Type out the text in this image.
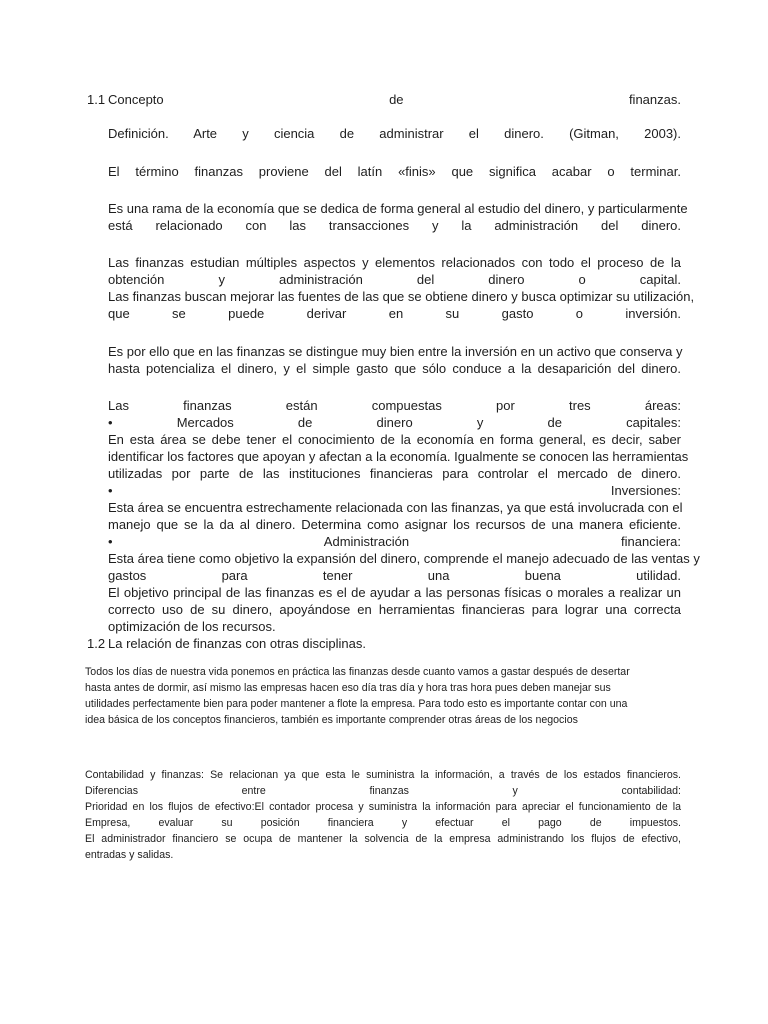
1.1 Concepto	de	finanzas.
Definición. Arte y ciencia de administrar el dinero. (Gitman, 2003).
El término finanzas proviene del latín «finis» que significa acabar o terminar.
Es una rama de la economía que se dedica de forma general al estudio del dinero, y particularmente
está relacionado con las transacciones y la administración del dinero.
Las finanzas estudian múltiples aspectos y elementos relacionados con todo el proceso de la
obtención y administración del dinero o capital.
Las finanzas buscan mejorar las fuentes de las que se obtiene dinero y busca optimizar su utilización,
que se puede derivar en su gasto o inversión.
Es por ello que en las finanzas se distingue muy bien entre la inversión en un activo que conserva y
hasta potencializa el dinero, y el simple gasto que sólo conduce a la desaparición del dinero.
Las finanzas están compuestas por tres áreas:
• Mercados de dinero y de capitales:
En esta área se debe tener el conocimiento de la economía en forma general, es decir, saber
identificar los factores que apoyan y afectan a la economía. Igualmente se conocen las herramientas
utilizadas por parte de las instituciones financieras para controlar el mercado de dinero.
• Inversiones:
Esta área se encuentra estrechamente relacionada con las finanzas, ya que está involucrada con el
manejo que se la da al dinero. Determina como asignar los recursos de una manera eficiente.
• Administración financiera:
Esta área tiene como objetivo la expansión del dinero, comprende el manejo adecuado de las ventas y
gastos para tener una buena utilidad.
El objetivo principal de las finanzas es el de ayudar a las personas físicas o morales a realizar un
correcto uso de su dinero, apoyándose en herramientas financieras para lograr una correcta
optimización de los recursos.
1.2 La relación de finanzas con otras disciplinas.
Todos los días de nuestra vida ponemos en práctica las finanzas desde cuanto vamos a gastar después de desertar
hasta antes de dormir, así mismo las empresas hacen eso día tras día y hora tras hora pues deben manejar sus
utilidades perfectamente bien para poder mantener a flote la empresa. Para todo esto es importante contar con una
idea básica de los conceptos financieros, también es importante comprender otras áreas de los negocios
Contabilidad y finanzas: Se relacionan ya que esta le suministra la información, a través de los estados financieros.
Diferencias entre finanzas y contabilidad:
Prioridad en los flujos de efectivo:El contador procesa y suministra la información para apreciar el funcionamiento de la
Empresa, evaluar su posición financiera y efectuar el pago de impuestos.
El administrador financiero se ocupa de mantener la solvencia de la empresa administrando los flujos de efectivo,
entradas y salidas.
